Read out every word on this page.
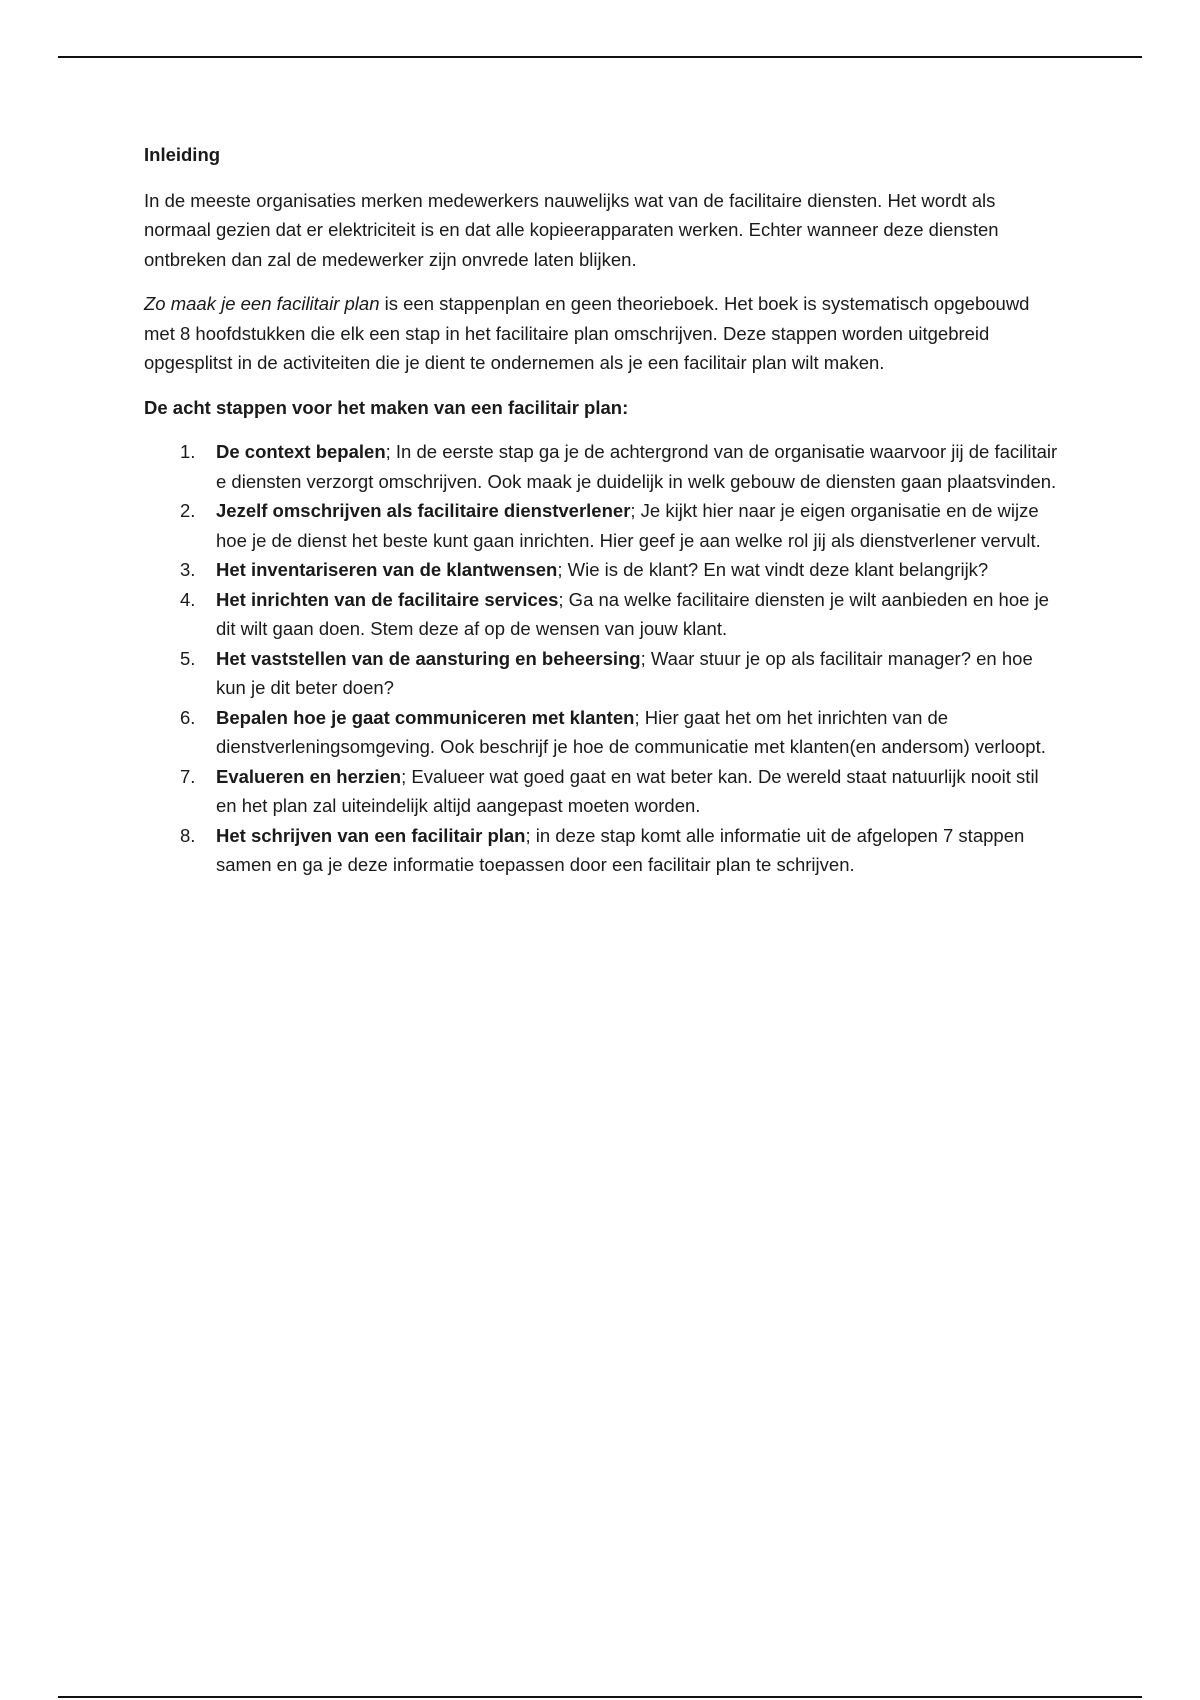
Inleiding

In de meeste organisaties merken medewerkers nauwelijks wat van de facilitaire diensten. Het wordt als normaal gezien dat er elektriciteit is en dat alle kopieerapparaten werken. Echter wanneer deze diensten ontbreken dan zal de medewerker zijn onvrede laten blijken.

Zo maak je een facilitair plan is een stappenplan en geen theorieboek. Het boek is systematisch opgebouwd met 8 hoofdstukken die elk een stap in het facilitaire plan omschrijven. Deze stappen worden uitgebreid opgesplitst in de activiteiten die je dient te ondernemen als je een facilitair plan wilt maken.

De acht stappen voor het maken van een facilitair plan:

1. De context bepalen; In de eerste stap ga je de achtergrond van de organisatie waarvoor jij de facilitair e diensten verzorgt omschrijven. Ook maak je duidelijk in welk gebouw de diensten gaan plaatsvinden.
2. Jezelf omschrijven als facilitaire dienstverlener; Je kijkt hier naar je eigen organisatie en de wijze hoe je de dienst het beste kunt gaan inrichten. Hier geef je aan welke rol jij als dienstverlener vervult.
3. Het inventariseren van de klantwensen; Wie is de klant? En wat vindt deze klant belangrijk?
4. Het inrichten van de facilitaire services; Ga na welke facilitaire diensten je wilt aanbieden en hoe je dit wilt gaan doen. Stem deze af op de wensen van jouw klant.
5. Het vaststellen van de aansturing en beheersing; Waar stuur je op als facilitair manager? en hoe kun je dit beter doen?
6. Bepalen hoe je gaat communiceren met klanten; Hier gaat het om het inrichten van de dienstverleningsomgeving. Ook beschrijf je hoe de communicatie met klanten(en andersom) verloopt.
7. Evalueren en herzien; Evalueer wat goed gaat en wat beter kan. De wereld staat natuurlijk nooit stil en het plan zal uiteindelijk altijd aangepast moeten worden.
8. Het schrijven van een facilitair plan; in deze stap komt alle informatie uit de afgelopen 7 stappen samen en ga je deze informatie toepassen door een facilitair plan te schrijven.
